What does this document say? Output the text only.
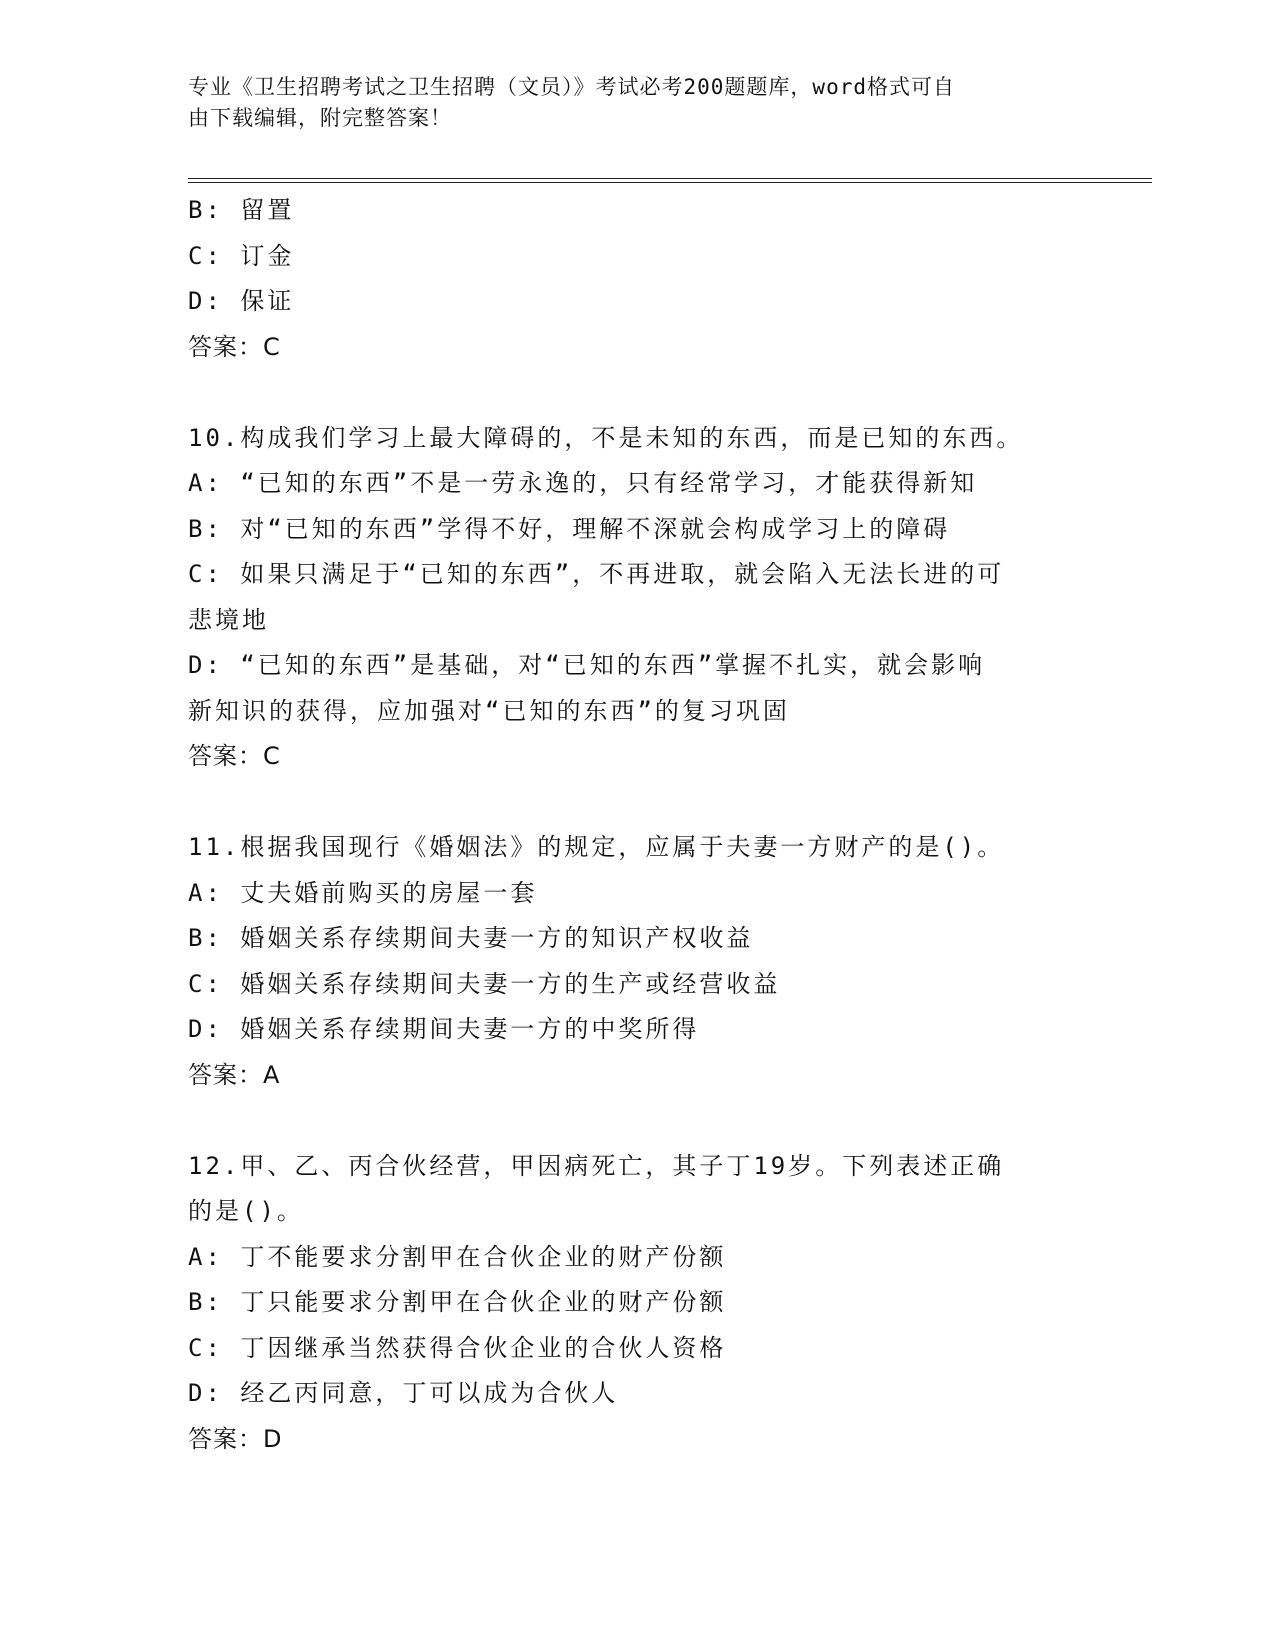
专业《卫生招聘考试之卫生招聘（文员）》考试必考200题题库，word格式可自
由下载编辑，附完整答案！

B: 留置

C: 订金

D: 保证

答案：C

10.构成我们学习上最大障碍的，不是未知的东西，而是已知的东西。

A: “已知的东西”不是一劳永逸的，只有经常学习，才能获得新知

B: 对“已知的东西”学得不好，理解不深就会构成学习上的障碍

C: 如果只满足于“已知的东西”，不再进取，就会陷入无法长进的可

悲境地

D: “已知的东西”是基础，对“已知的东西”掌握不扎实，就会影响

新知识的获得，应加强对“已知的东西”的复习巩固

答案：C

11.根据我国现行《婚姻法》的规定，应属于夫妻一方财产的是()。

A: 丈夫婚前购买的房屋一套

B: 婚姻关系存续期间夫妻一方的知识产权收益

C: 婚姻关系存续期间夫妻一方的生产或经营收益

D: 婚姻关系存续期间夫妻一方的中奖所得

答案：A

12.甲、乙、丙合伙经营，甲因病死亡，其子丁19岁。下列表述正确

的是()。

A: 丁不能要求分割甲在合伙企业的财产份额

B: 丁只能要求分割甲在合伙企业的财产份额

C: 丁因继承当然获得合伙企业的合伙人资格

D: 经乙丙同意，丁可以成为合伙人

答案：D
